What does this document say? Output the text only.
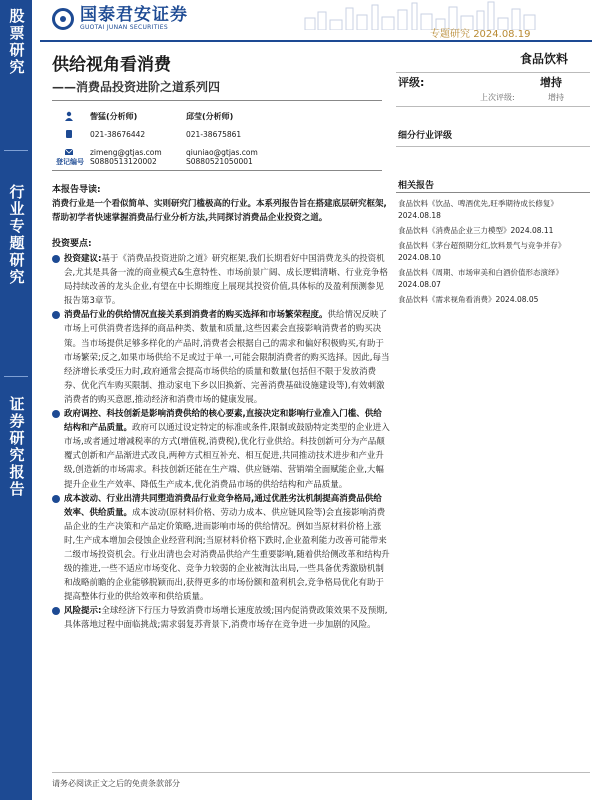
股票研究
行业专题研究
证券研究报告
国泰君安证券
GUOTAI JUNAN SECURITIES
专题研究 2024.08.19
供给视角看消费
——消费品投资进阶之道系列四
食品饮料
訾猛(分析师)	邱莹(分析师)
021-38676442	021-38675861
zimeng@gtjas.com	qiuniao@gtjas.com
登记编号 S0880513120002	S0880521050001
评级:	增持
上次评级:	增持
细分行业评级
相关报告
食品饮料《饮品、啤酒优先,旺季期待成长修复》2024.08.18
食品饮料《消费品企业三力模型》2024.08.11
食品饮料《茅台超预期分红,饮料景气与竞争并存》2024.08.10
食品饮料《周期、市场审美和白酒价值形态演绎》2024.08.07
食品饮料《需求视角看消费》2024.08.05
本报告导读:
消费行业是一个看似简单、实则研究门槛极高的行业。本系列报告旨在搭建底层研究框架,帮助初学者快速掌握消费品行业分析方法,共同探讨消费品企业投资之道。
投资要点:
投资建议:基于《消费品投资进阶之道》研究框架,我们长期看好中国消费龙头的投资机会,尤其是具备一流的商业模式&生意特性、市场前景广阔、成长逻辑清晰、行业竞争格局持续改善的龙头企业,有望在中长期维度上展现其投资价值,具体标的及盈利预测参见报告第3章节。
消费品行业的供给情况直接关系到消费者的购买选择和市场繁荣程度。供给情况反映了市场上可供消费者选择的商品种类、数量和质量,这些因素会直接影响消费者的购买决策。当市场提供足够多样化的产品时,消费者会根据自己的需求和偏好积极购买,有助于市场繁荣;反之,如果市场供给不足或过于单一,可能会限制消费者的购买选择。因此,每当经济增长承受压力时,政府通常会提高市场供给的质量和数量(包括但不限于发放消费券、优化汽车购买限制、推动家电下乡以旧换新、完善消费基础设施建设等),有效刺激消费者的购买意愿,推动经济和消费市场的健康发展。
政府调控、科技创新是影响消费供给的核心要素,直接决定和影响行业准入门槛、供给结构和产品质量。政府可以通过设定特定的标准或条件,限制或鼓励特定类型的企业进入市场,或者通过增减税率的方式(增值税,消费税),优化行业供给。科技创新可分为产品颠覆式创新和产品渐进式改良,两种方式相互补充、相互促进,共同推动技术进步和产业升级,创造新的市场需求。科技创新还能在生产端、供应链端、营销端全面赋能企业,大幅提升企业生产效率、降低生产成本,优化消费品市场的供给结构和产品质量。
成本波动、行业出清共同塑造消费品行业竞争格局,通过优胜劣汰机制提高消费品供给效率、供给质量。成本波动(原材料价格、劳动力成本、供应链风险等)会直接影响消费品企业的生产决策和产品定价策略,进而影响市场的供给情况。例如当原材料价格上涨时,生产成本增加会侵蚀企业经营利润;当原材料价格下跌时,企业盈利能力改善可能带来二级市场投资机会。行业出清也会对消费品供给产生重要影响,随着供给侧改革和结构升级的推进,一些不适应市场变化、竞争力较弱的企业被淘汰出局,一些具备优秀激励机制和战略前瞻的企业能够脱颖而出,获得更多的市场份额和盈利机会,竞争格局优化有助于提高整体行业的供给效率和供给质量。
风险提示:全球经济下行压力导致消费市场增长速度放缓;国内促消费政策效果不及预期,具体落地过程中面临挑战;需求弱复苏背景下,消费市场存在竞争进一步加剧的风险。
请务必阅读正文之后的免责条款部分
